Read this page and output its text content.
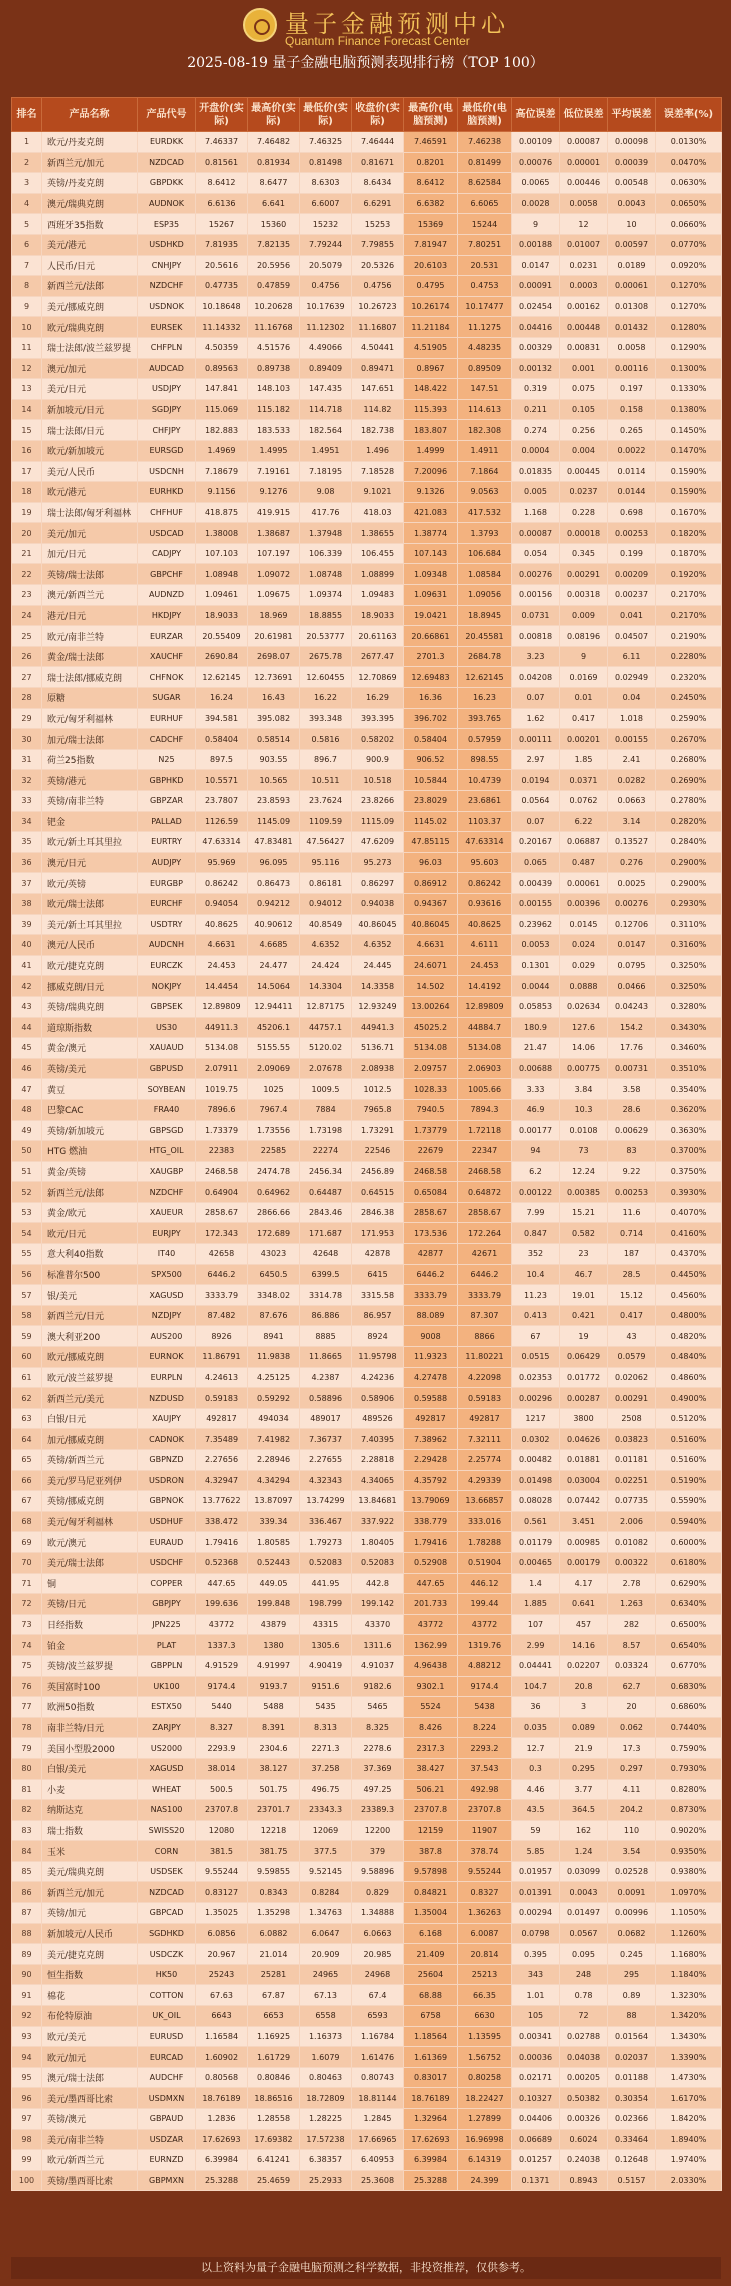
量子金融预测中心
Quantum Finance Forecast Center
2025-08-19 量子金融电脑预测表现排行榜（TOP 100）
排名	产品名称	产品代号	开盘价(实际)	最高价(实际)	最低价(实际)	收盘价(实际)	最高价(电脑预测)	最低价(电脑预测)	高位误差	低位误差	平均误差	误差率(%)
1	欧元/丹麦克朗	EURDKK	7.46337	7.46482	7.46325	7.46444	7.46591	7.46238	0.00109	0.00087	0.00098	0.0130%
2	新西兰元/加元	NZDCAD	0.81561	0.81934	0.81498	0.81671	0.8201	0.81499	0.00076	0.00001	0.00039	0.0470%
3	英镑/丹麦克朗	GBPDKK	8.6412	8.6477	8.6303	8.6434	8.6412	8.62584	0.0065	0.00446	0.00548	0.0630%
4	澳元/瑞典克朗	AUDNOK	6.6136	6.641	6.6007	6.6291	6.6382	6.6065	0.0028	0.0058	0.0043	0.0650%
5	西班牙35指数	ESP35	15267	15360	15232	15253	15369	15244	9	12	10	0.0660%
6	美元/港元	USDHKD	7.81935	7.82135	7.79244	7.79855	7.81947	7.80251	0.00188	0.01007	0.00597	0.0770%
7	人民币/日元	CNHJPY	20.5616	20.5956	20.5079	20.5326	20.6103	20.531	0.0147	0.0231	0.0189	0.0920%
8	新西兰元/法郎	NZDCHF	0.47735	0.47859	0.4756	0.4756	0.4795	0.4753	0.00091	0.0003	0.00061	0.1270%
9	美元/挪威克朗	USDNOK	10.18648	10.20628	10.17639	10.26723	10.26174	10.17477	0.02454	0.00162	0.01308	0.1270%
10	欧元/瑞典克朗	EURSEK	11.14332	11.16768	11.12302	11.16807	11.21184	11.1275	0.04416	0.00448	0.01432	0.1280%
11	瑞士法郎/波兰兹罗提	CHFPLN	4.50359	4.51576	4.49066	4.50441	4.51905	4.48235	0.00329	0.00831	0.0058	0.1290%
12	澳元/加元	AUDCAD	0.89563	0.89738	0.89409	0.89471	0.8967	0.89509	0.00132	0.001	0.00116	0.1300%
13	美元/日元	USDJPY	147.841	148.103	147.435	147.651	148.422	147.51	0.319	0.075	0.197	0.1330%
14	新加坡元/日元	SGDJPY	115.069	115.182	114.718	114.82	115.393	114.613	0.211	0.105	0.158	0.1380%
15	瑞士法郎/日元	CHFJPY	182.883	183.533	182.564	182.738	183.807	182.308	0.274	0.256	0.265	0.1450%
16	欧元/新加坡元	EURSGD	1.4969	1.4995	1.4951	1.496	1.4999	1.4911	0.0004	0.004	0.0022	0.1470%
17	美元/人民币	USDCNH	7.18679	7.19161	7.18195	7.18528	7.20096	7.1864	0.01835	0.00445	0.0114	0.1590%
18	欧元/港元	EURHKD	9.1156	9.1276	9.08	9.1021	9.1326	9.0563	0.005	0.0237	0.0144	0.1590%
19	瑞士法郎/匈牙利福林	CHFHUF	418.875	419.915	417.76	418.03	421.083	417.532	1.168	0.228	0.698	0.1670%
20	美元/加元	USDCAD	1.38008	1.38687	1.37948	1.38655	1.38774	1.3793	0.00087	0.00018	0.00253	0.1820%
21	加元/日元	CADJPY	107.103	107.197	106.339	106.455	107.143	106.684	0.054	0.345	0.199	0.1870%
22	英镑/瑞士法郎	GBPCHF	1.08948	1.09072	1.08748	1.08899	1.09348	1.08584	0.00276	0.00291	0.00209	0.1920%
23	澳元/新西兰元	AUDNZD	1.09461	1.09675	1.09374	1.09483	1.09631	1.09056	0.00156	0.00318	0.00237	0.2170%
24	港元/日元	HKDJPY	18.9033	18.969	18.8855	18.9033	19.0421	18.8945	0.0731	0.009	0.041	0.2170%
25	欧元/南非兰特	EURZAR	20.55409	20.61981	20.53777	20.61163	20.66861	20.45581	0.00818	0.08196	0.04507	0.2190%
26	黄金/瑞士法郎	XAUCHF	2690.84	2698.07	2675.78	2677.47	2701.3	2684.78	3.23	9	6.11	0.2280%
27	瑞士法郎/挪威克朗	CHFNOK	12.62145	12.73691	12.60455	12.70869	12.69483	12.62145	0.04208	0.0169	0.02949	0.2320%
28	原糖	SUGAR	16.24	16.43	16.22	16.29	16.36	16.23	0.07	0.01	0.04	0.2450%
29	欧元/匈牙利福林	EURHUF	394.581	395.082	393.348	393.395	396.702	393.765	1.62	0.417	1.018	0.2590%
30	加元/瑞士法郎	CADCHF	0.58404	0.58514	0.5816	0.58202	0.58404	0.57959	0.00111	0.00201	0.00155	0.2670%
31	荷兰25指数	N25	897.5	903.55	896.7	900.9	906.52	898.55	2.97	1.85	2.41	0.2680%
32	英镑/港元	GBPHKD	10.5571	10.565	10.511	10.518	10.5844	10.4739	0.0194	0.0371	0.0282	0.2690%
33	英镑/南非兰特	GBPZAR	23.7807	23.8593	23.7624	23.8266	23.8029	23.6861	0.0564	0.0762	0.0663	0.2780%
34	钯金	PALLAD	1126.59	1145.09	1109.59	1115.09	1145.02	1103.37	0.07	6.22	3.14	0.2820%
35	欧元/新土耳其里拉	EURTRY	47.63314	47.83481	47.56427	47.6209	47.85115	47.63314	0.20167	0.06887	0.13527	0.2840%
36	澳元/日元	AUDJPY	95.969	96.095	95.116	95.273	96.03	95.603	0.065	0.487	0.276	0.2900%
37	欧元/英镑	EURGBP	0.86242	0.86473	0.86181	0.86297	0.86912	0.86242	0.00439	0.00061	0.0025	0.2900%
38	欧元/瑞士法郎	EURCHF	0.94054	0.94212	0.94012	0.94038	0.94367	0.93616	0.00155	0.00396	0.00276	0.2930%
39	美元/新土耳其里拉	USDTRY	40.8625	40.90612	40.8549	40.86045	40.86045	40.8625	0.23962	0.0145	0.12706	0.3110%
40	澳元/人民币	AUDCNH	4.6631	4.6685	4.6352	4.6352	4.6631	4.6111	0.0053	0.024	0.0147	0.3160%
41	欧元/捷克克朗	EURCZK	24.453	24.477	24.424	24.445	24.6071	24.453	0.1301	0.029	0.0795	0.3250%
42	挪威克朗/日元	NOKJPY	14.4454	14.5064	14.3304	14.3358	14.502	14.4192	0.0044	0.0888	0.0466	0.3250%
43	英镑/瑞典克朗	GBPSEK	12.89809	12.94411	12.87175	12.93249	13.00264	12.89809	0.05853	0.02634	0.04243	0.3280%
44	道琼斯指数	US30	44911.3	45206.1	44757.1	44941.3	45025.2	44884.7	180.9	127.6	154.2	0.3430%
45	黄金/澳元	XAUAUD	5134.08	5155.55	5120.02	5136.71	5134.08	5134.08	21.47	14.06	17.76	0.3460%
46	英镑/美元	GBPUSD	2.07911	2.09069	2.07678	2.08938	2.09757	2.06903	0.00688	0.00775	0.00731	0.3510%
47	黄豆	SOYBEAN	1019.75	1025	1009.5	1012.5	1028.33	1005.66	3.33	3.84	3.58	0.3540%
48	巴黎CAC	FRA40	7896.6	7967.4	7884	7965.8	7940.5	7894.3	46.9	10.3	28.6	0.3620%
49	英镑/新加坡元	GBPSGD	1.73379	1.73556	1.73198	1.73291	1.73779	1.72118	0.00177	0.0108	0.00629	0.3630%
50	HTG 燃油	HTG_OIL	22383	22585	22274	22546	22679	22347	94	73	83	0.3700%
51	黄金/英镑	XAUGBP	2468.58	2474.78	2456.34	2456.89	2468.58	2468.58	6.2	12.24	9.22	0.3750%
52	新西兰元/法郎	NZDCHF	0.64904	0.64962	0.64487	0.64515	0.65084	0.64872	0.00122	0.00385	0.00253	0.3930%
53	黄金/欧元	XAUEUR	2858.67	2866.66	2843.46	2846.38	2858.67	2858.67	7.99	15.21	11.6	0.4070%
54	欧元/日元	EURJPY	172.343	172.689	171.687	171.953	173.536	172.264	0.847	0.582	0.714	0.4160%
55	意大利40指数	IT40	42658	43023	42648	42878	42877	42671	352	23	187	0.4370%
56	标准普尔500	SPX500	6446.2	6450.5	6399.5	6415	6446.2	6446.2	10.4	46.7	28.5	0.4450%
57	银/美元	XAGUSD	3333.79	3348.02	3314.78	3315.58	3333.79	3333.79	11.23	19.01	15.12	0.4560%
58	新西兰元/日元	NZDJPY	87.482	87.676	86.886	86.957	88.089	87.307	0.413	0.421	0.417	0.4800%
59	澳大利亚200	AUS200	8926	8941	8885	8924	9008	8866	67	19	43	0.4820%
60	欧元/挪威克朗	EURNOK	11.86791	11.9838	11.8665	11.95798	11.9323	11.80221	0.0515	0.06429	0.0579	0.4840%
61	欧元/波兰兹罗提	EURPLN	4.24613	4.25125	4.2387	4.24236	4.27478	4.22098	0.02353	0.01772	0.02062	0.4860%
62	新西兰元/美元	NZDUSD	0.59183	0.59292	0.58896	0.58906	0.59588	0.59183	0.00296	0.00287	0.00291	0.4900%
63	白银/日元	XAUJPY	492817	494034	489017	489526	492817	492817	1217	3800	2508	0.5120%
64	加元/挪威克朗	CADNOK	7.35489	7.41982	7.36737	7.40395	7.38962	7.32111	0.0302	0.04626	0.03823	0.5160%
65	英镑/新西兰元	GBPNZD	2.27656	2.28946	2.27655	2.28818	2.29428	2.25774	0.00482	0.01881	0.01181	0.5160%
66	美元/罗马尼亚列伊	USDRON	4.32947	4.34294	4.32343	4.34065	4.35792	4.29339	0.01498	0.03004	0.02251	0.5190%
67	英镑/挪威克朗	GBPNOK	13.77622	13.87097	13.74299	13.84681	13.79069	13.66857	0.08028	0.07442	0.07735	0.5590%
68	美元/匈牙利福林	USDHUF	338.472	339.34	336.467	337.922	338.779	333.016	0.561	3.451	2.006	0.5940%
69	欧元/澳元	EURAUD	1.79416	1.80585	1.79273	1.80405	1.79416	1.78288	0.01179	0.00985	0.01082	0.6000%
70	美元/瑞士法郎	USDCHF	0.52368	0.52443	0.52083	0.52083	0.52908	0.51904	0.00465	0.00179	0.00322	0.6180%
71	铜	COPPER	447.65	449.05	441.95	442.8	447.65	446.12	1.4	4.17	2.78	0.6290%
72	英镑/日元	GBPJPY	199.636	199.848	198.799	199.142	201.733	199.44	1.885	0.641	1.263	0.6340%
73	日经指数	JPN225	43772	43879	43315	43370	43772	43772	107	457	282	0.6500%
74	铂金	PLAT	1337.3	1380	1305.6	1311.6	1362.99	1319.76	2.99	14.16	8.57	0.6540%
75	英镑/波兰兹罗提	GBPPLN	4.91529	4.91997	4.90419	4.91037	4.96438	4.88212	0.04441	0.02207	0.03324	0.6770%
76	英国富时100	UK100	9174.4	9193.7	9151.6	9182.6	9302.1	9174.4	104.7	20.8	62.7	0.6830%
77	欧洲50指数	ESTX50	5440	5488	5435	5465	5524	5438	36	3	20	0.6860%
78	南非兰特/日元	ZARJPY	8.327	8.391	8.313	8.325	8.426	8.224	0.035	0.089	0.062	0.7440%
79	美国小型股2000	US2000	2293.9	2304.6	2271.3	2278.6	2317.3	2293.2	12.7	21.9	17.3	0.7590%
80	白银/美元	XAGUSD	38.014	38.127	37.258	37.369	38.427	37.543	0.3	0.295	0.297	0.7930%
81	小麦	WHEAT	500.5	501.75	496.75	497.25	506.21	492.98	4.46	3.77	4.11	0.8280%
82	纳斯达克	NAS100	23707.8	23701.7	23343.3	23389.3	23707.8	23707.8	43.5	364.5	204.2	0.8730%
83	瑞士指数	SWISS20	12080	12218	12069	12200	12159	11907	59	162	110	0.9020%
84	玉米	CORN	381.5	381.75	377.5	379	387.8	378.74	5.85	1.24	3.54	0.9350%
85	美元/瑞典克朗	USDSEK	9.55244	9.59855	9.52145	9.58896	9.57898	9.55244	0.01957	0.03099	0.02528	0.9380%
86	新西兰元/加元	NZDCAD	0.83127	0.8343	0.8284	0.829	0.84821	0.8327	0.01391	0.0043	0.0091	1.0970%
87	英镑/加元	GBPCAD	1.35025	1.35298	1.34763	1.34888	1.35004	1.36263	0.00294	0.01497	0.00996	1.1050%
88	新加坡元/人民币	SGDHKD	6.0856	6.0882	6.0647	6.0663	6.168	6.0087	0.0798	0.0567	0.0682	1.1260%
89	美元/捷克克朗	USDCZK	20.967	21.014	20.909	20.985	21.409	20.814	0.395	0.095	0.245	1.1680%
90	恒生指数	HK50	25243	25281	24965	24968	25604	25213	343	248	295	1.1840%
91	棉花	COTTON	67.63	67.87	67.13	67.4	68.88	66.35	1.01	0.78	0.89	1.3230%
92	布伦特原油	UK_OIL	6643	6653	6558	6593	6758	6630	105	72	88	1.3420%
93	欧元/美元	EURUSD	1.16584	1.16925	1.16373	1.16784	1.18564	1.13595	0.00341	0.02788	0.01564	1.3430%
94	欧元/加元	EURCAD	1.60902	1.61729	1.6079	1.61476	1.61369	1.56752	0.00036	0.04038	0.02037	1.3390%
95	澳元/瑞士法郎	AUDCHF	0.80568	0.80846	0.80463	0.80743	0.83017	0.80258	0.02171	0.00205	0.01188	1.4730%
96	美元/墨西哥比索	USDMXN	18.76189	18.86516	18.72809	18.81144	18.76189	18.22427	0.10327	0.50382	0.30354	1.6170%
97	英镑/澳元	GBPAUD	1.2836	1.28558	1.28225	1.2845	1.32964	1.27899	0.04406	0.00326	0.02366	1.8420%
98	美元/南非兰特	USDZAR	17.62693	17.69382	17.57238	17.66965	17.62693	16.96998	0.06689	0.6024	0.33464	1.8940%
99	欧元/新西兰元	EURNZD	6.39984	6.41241	6.38357	6.40953	6.39984	6.14319	0.01257	0.24038	0.12648	1.9740%
100	英镑/墨西哥比索	GBPMXN	25.3288	25.4659	25.2933	25.3608	25.3288	24.399	0.1371	0.8943	0.5157	2.0330%
以上资料为量子金融电脑预测之科学数据，非投资推荐，仅供参考。
